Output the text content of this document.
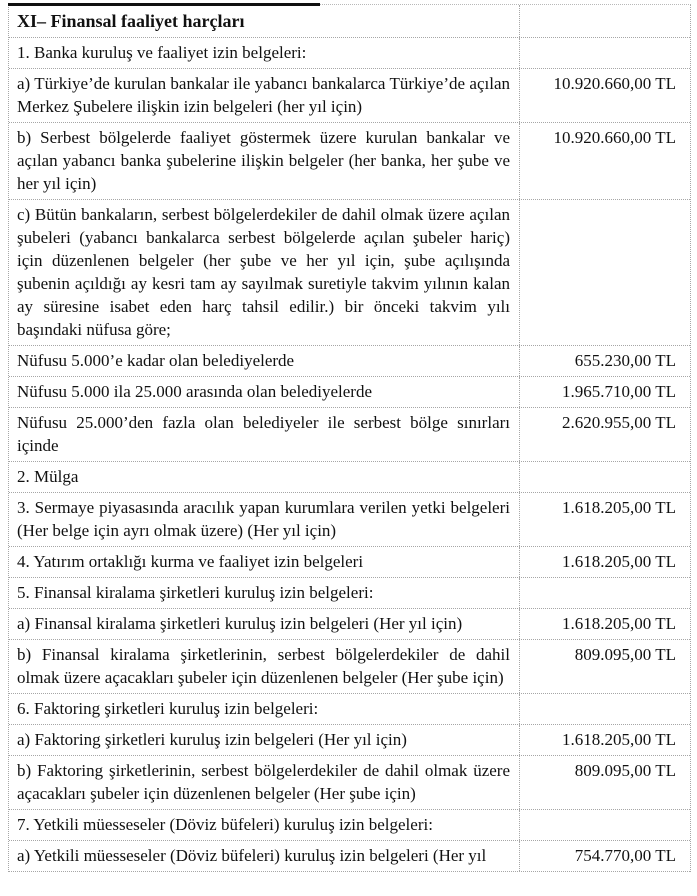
XI– Finansal faaliyet harçları
1. Banka kuruluş ve faaliyet izin belgeleri:
a) Türkiye’de kurulan bankalar ile yabancı bankalarca Türkiye’de açılan Merkez Şubelere ilişkin izin belgeleri (her yıl için)
10.920.660,00 TL
b) Serbest bölgelerde faaliyet göstermek üzere kurulan bankalar ve açılan yabancı banka şubelerine ilişkin belgeler (her banka, her şube ve her yıl için)
10.920.660,00 TL
c) Bütün bankaların, serbest bölgelerdekiler de dahil olmak üzere açılan şubeleri (yabancı bankalarca serbest bölgelerde açılan şubeler hariç) için düzenlenen belgeler (her şube ve her yıl için, şube açılışında şubenin açıldığı ay kesri tam ay sayılmak suretiyle takvim yılının kalan ay süresine isabet eden harç tahsil edilir.) bir önceki takvim yılı başındaki nüfusa göre;
Nüfusu 5.000’e kadar olan belediyelerde	655.230,00 TL
Nüfusu 5.000 ila 25.000 arasında olan belediyelerde	1.965.710,00 TL
Nüfusu 25.000’den fazla olan belediyeler ile serbest bölge sınırları içinde
2.620.955,00 TL
2. Mülga
3. Sermaye piyasasında aracılık yapan kurumlara verilen yetki belgeleri (Her belge için ayrı olmak üzere) (Her yıl için)
1.618.205,00 TL
4. Yatırım ortaklığı kurma ve faaliyet izin belgeleri	1.618.205,00 TL
5. Finansal kiralama şirketleri kuruluş izin belgeleri:
a) Finansal kiralama şirketleri kuruluş izin belgeleri (Her yıl için)	1.618.205,00 TL
b) Finansal kiralama şirketlerinin, serbest bölgelerdekiler de dahil olmak üzere açacakları şubeler için düzenlenen belgeler (Her şube için)
809.095,00 TL
6. Faktoring şirketleri kuruluş izin belgeleri:
a) Faktoring şirketleri kuruluş izin belgeleri (Her yıl için)	1.618.205,00 TL
b) Faktoring şirketlerinin, serbest bölgelerdekiler de dahil olmak üzere açacakları şubeler için düzenlenen belgeler (Her şube için)
809.095,00 TL
7. Yetkili müesseseler (Döviz büfeleri) kuruluş izin belgeleri:
a) Yetkili müesseseler (Döviz büfeleri) kuruluş izin belgeleri (Her yıl	754.770,00 TL
